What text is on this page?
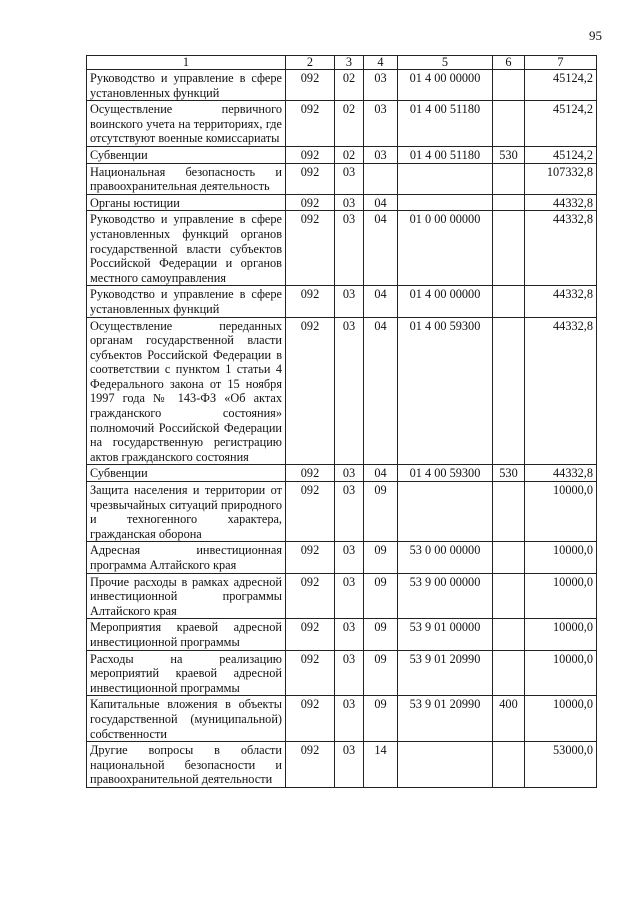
95
1	2	3	4	5	6	7
Руководство и управление в сфере установленных функций	092	02	03	01 4 00 00000		45124,2
Осуществление первичного воинского учета на территориях, где отсутствуют военные комиссариаты	092	02	03	01 4 00 51180		45124,2
Субвенции	092	02	03	01 4 00 51180	530	45124,2
Национальная безопасность и правоохранительная деятельность	092	03				107332,8
Органы юстиции	092	03	04			44332,8
Руководство и управление в сфере установленных функций органов государственной власти субъектов Российской Федерации и органов местного самоуправления	092	03	04	01 0 00 00000		44332,8
Руководство и управление в сфере установленных функций	092	03	04	01 4 00 00000		44332,8
Осуществление переданных органам государственной власти субъектов Российской Федерации в соответствии с пунктом 1 статьи 4 Федерального закона от 15 ноября 1997 года № 143-ФЗ «Об актах гражданского состояния» полномочий Российской Федерации на государственную регистрацию актов гражданского состояния	092	03	04	01 4 00 59300		44332,8
Субвенции	092	03	04	01 4 00 59300	530	44332,8
Защита населения и территории от чрезвычайных ситуаций природного и техногенного характера, гражданская оборона	092	03	09			10000,0
Адресная инвестиционная программа Алтайского края	092	03	09	53 0 00 00000		10000,0
Прочие расходы в рамках адресной инвестиционной программы Алтайского края	092	03	09	53 9 00 00000		10000,0
Мероприятия краевой адресной инвестиционной программы	092	03	09	53 9 01 00000		10000,0
Расходы на реализацию мероприятий краевой адресной инвестиционной программы	092	03	09	53 9 01 20990		10000,0
Капитальные вложения в объекты государственной (муниципальной) собственности	092	03	09	53 9 01 20990	400	10000,0
Другие вопросы в области национальной безопасности и правоохранительной деятельности	092	03	14			53000,0
